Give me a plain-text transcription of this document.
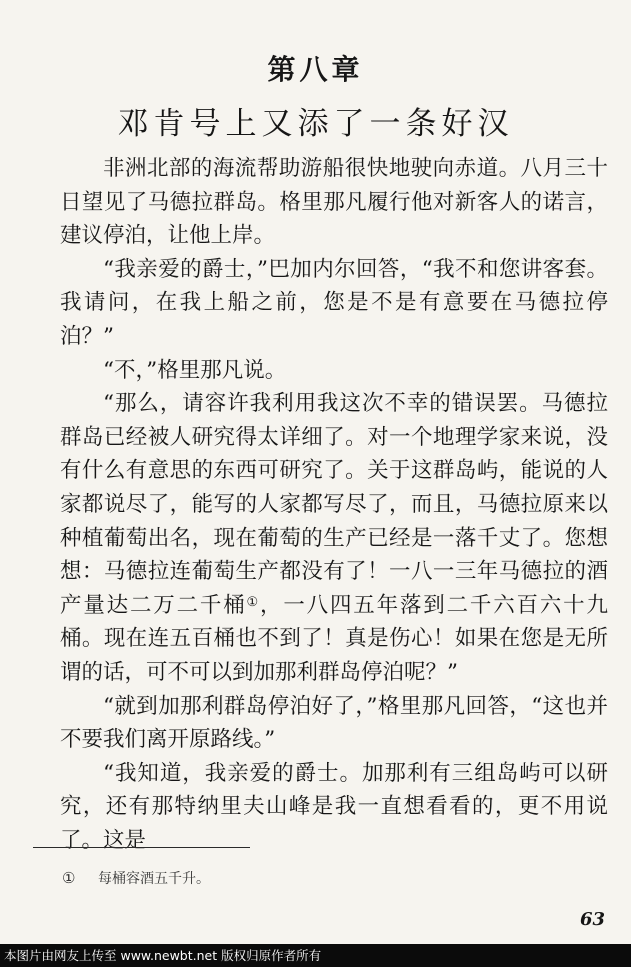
第八章
邓肯号上又添了一条好汉

非洲北部的海流帮助游船很快地驶向赤道。八月三十日望见了马德拉群岛。格里那凡履行他对新客人的诺言，建议停泊，让他上岸。

“我亲爱的爵士，”巴加内尔回答，“我不和您讲客套。我请问，在我上船之前，您是不是有意要在马德拉停泊？”

“不，”格里那凡说。

“那么，请容许我利用我这次不幸的错误罢。马德拉群岛已经被人研究得太详细了。对一个地理学家来说，没有什么有意思的东西可研究了。关于这群岛屿，能说的人家都说尽了，能写的人家都写尽了，而且，马德拉原来以种植葡萄出名，现在葡萄的生产已经是一落千丈了。您想想：马德拉连葡萄生产都没有了！一八一三年马德拉的酒产量达二万二千桶①，一八四五年落到二千六百六十九桶。现在连五百桶也不到了！真是伤心！如果在您是无所谓的话，可不可以到加那利群岛停泊呢？”

“就到加那利群岛停泊好了，”格里那凡回答，“这也并不要我们离开原路线。”

“我知道，我亲爱的爵士。加那利有三组岛屿可以研究，还有那特纳里夫山峰是我一直想看看的，更不用说了。这是

① 每桶容酒五千升。
63
本图片由网友上传至 www.newbt.net 版权归原作者所有
